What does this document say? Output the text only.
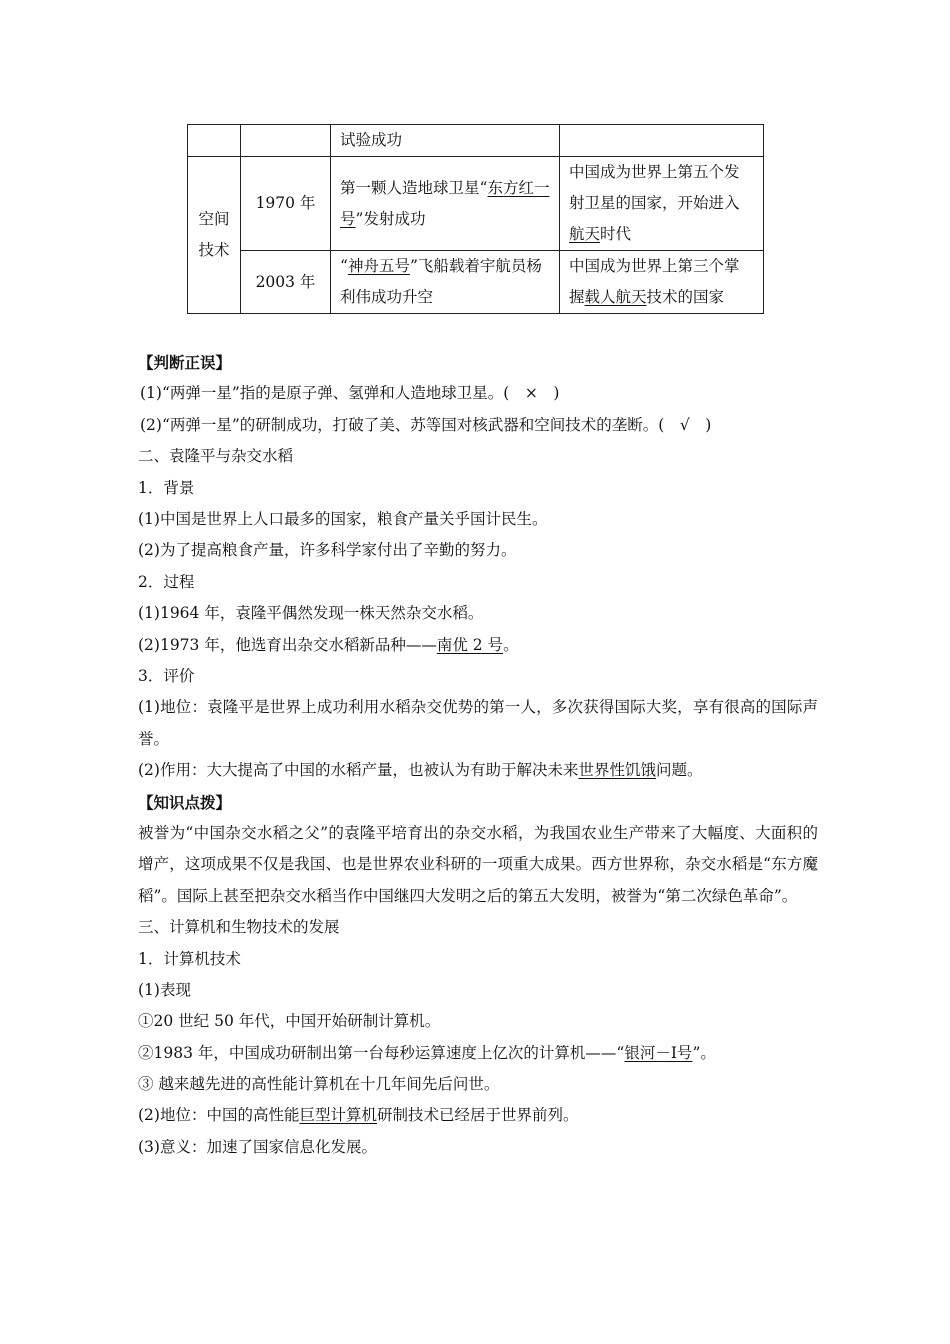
		试验成功	
空间技术	1970 年	第一颗人造地球卫星“东方红一号”发射成功	中国成为世界上第五个发射卫星的国家，开始进入航天时代
	2003 年	“神舟五号”飞船载着宇航员杨利伟成功升空	中国成为世界上第三个掌握载人航天技术的国家
【判断正误】
(1)“两弹一星”指的是原子弹、氢弹和人造地球卫星。(　×　)
(2)“两弹一星”的研制成功，打破了美、苏等国对核武器和空间技术的垄断。(　√　)
二、袁隆平与杂交水稻
1．背景
(1)中国是世界上人口最多的国家，粮食产量关乎国计民生。
(2)为了提高粮食产量，许多科学家付出了辛勤的努力。
2．过程
(1)1964 年，袁隆平偶然发现一株天然杂交水稻。
(2)1973 年，他选育出杂交水稻新品种——南优 2 号。
3．评价
(1)地位：袁隆平是世界上成功利用水稻杂交优势的第一人，多次获得国际大奖，享有很高的国际声誉。
(2)作用：大大提高了中国的水稻产量，也被认为有助于解决未来世界性饥饿问题。
【知识点拨】
被誉为“中国杂交水稻之父”的袁隆平培育出的杂交水稻，为我国农业生产带来了大幅度、大面积的增产，这项成果不仅是我国、也是世界农业科研的一项重大成果。西方世界称，杂交水稻是“东方魔稻”。国际上甚至把杂交水稻当作中国继四大发明之后的第五大发明，被誉为“第二次绿色革命”。
三、计算机和生物技术的发展
1．计算机技术
(1)表现
①20 世纪 50 年代，中国开始研制计算机。
②1983 年，中国成功研制出第一台每秒运算速度上亿次的计算机——“银河－Ⅰ号”。
③ 越来越先进的高性能计算机在十几年间先后问世。
(2)地位：中国的高性能巨型计算机研制技术已经居于世界前列。
(3)意义：加速了国家信息化发展。
